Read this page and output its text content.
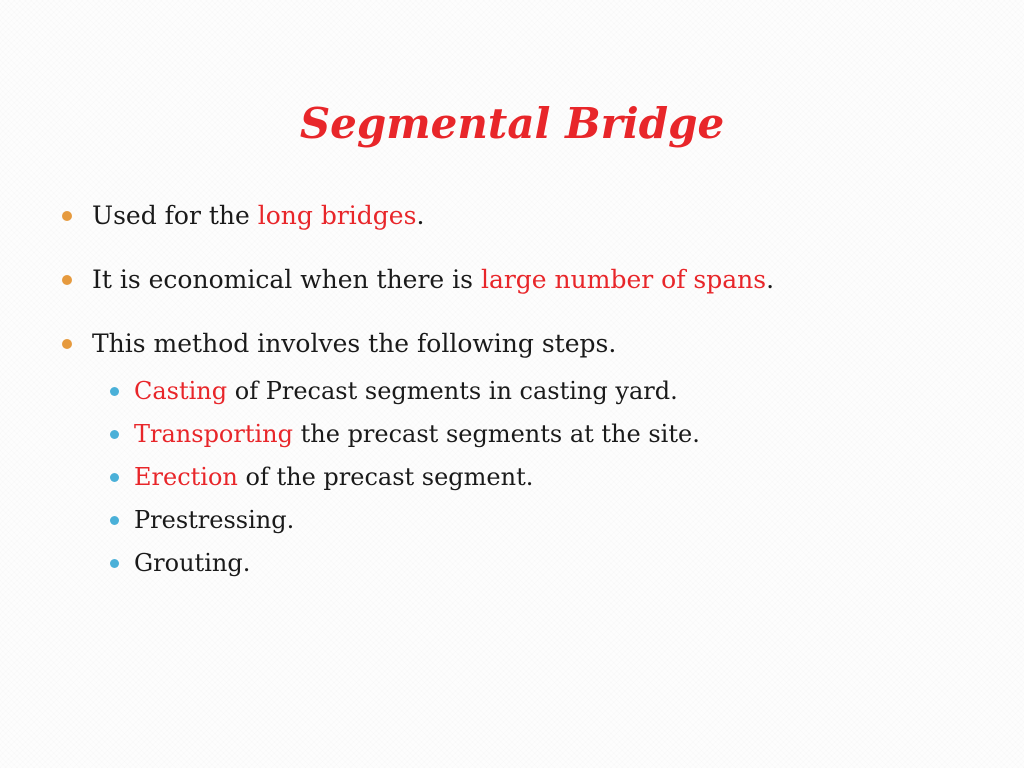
Segmental Bridge
Used for the long bridges.
It is economical when there is large number of spans.
This method involves the following steps.
Casting of Precast segments in casting yard.
Transporting the precast segments at the site.
Erection of the precast segment.
Prestressing.
Grouting.
